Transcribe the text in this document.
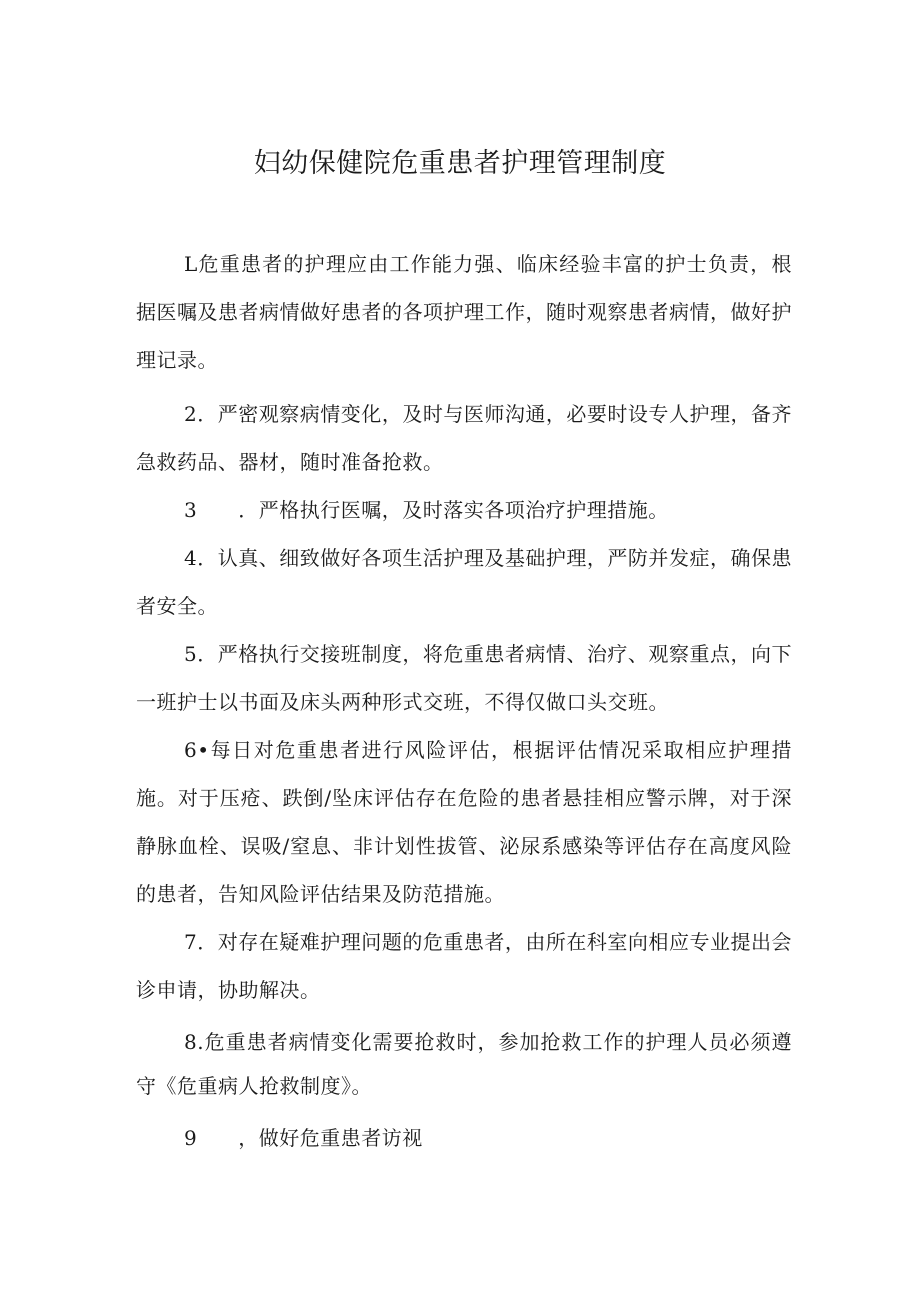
妇幼保健院危重患者护理管理制度

L危重患者的护理应由工作能力强、临床经验丰富的护士负责，根据医嘱及患者病情做好患者的各项护理工作，随时观察患者病情，做好护理记录。

2．严密观察病情变化，及时与医师沟通，必要时设专人护理，备齐急救药品、器材，随时准备抢救。

3　　．严格执行医嘱，及时落实各项治疗护理措施。

4．认真、细致做好各项生活护理及基础护理，严防并发症，确保患者安全。

5．严格执行交接班制度，将危重患者病情、治疗、观察重点，向下一班护士以书面及床头两种形式交班，不得仅做口头交班。

6•每日对危重患者进行风险评估，根据评估情况采取相应护理措施。对于压疮、跌倒/坠床评估存在危险的患者悬挂相应警示牌，对于深静脉血栓、误吸/窒息、非计划性拔管、泌尿系感染等评估存在高度风险的患者，告知风险评估结果及防范措施。

7．对存在疑难护理问题的危重患者，由所在科室向相应专业提出会诊申请，协助解决。

8.危重患者病情变化需要抢救时，参加抢救工作的护理人员必须遵守《危重病人抢救制度》。

9　　，做好危重患者访视
